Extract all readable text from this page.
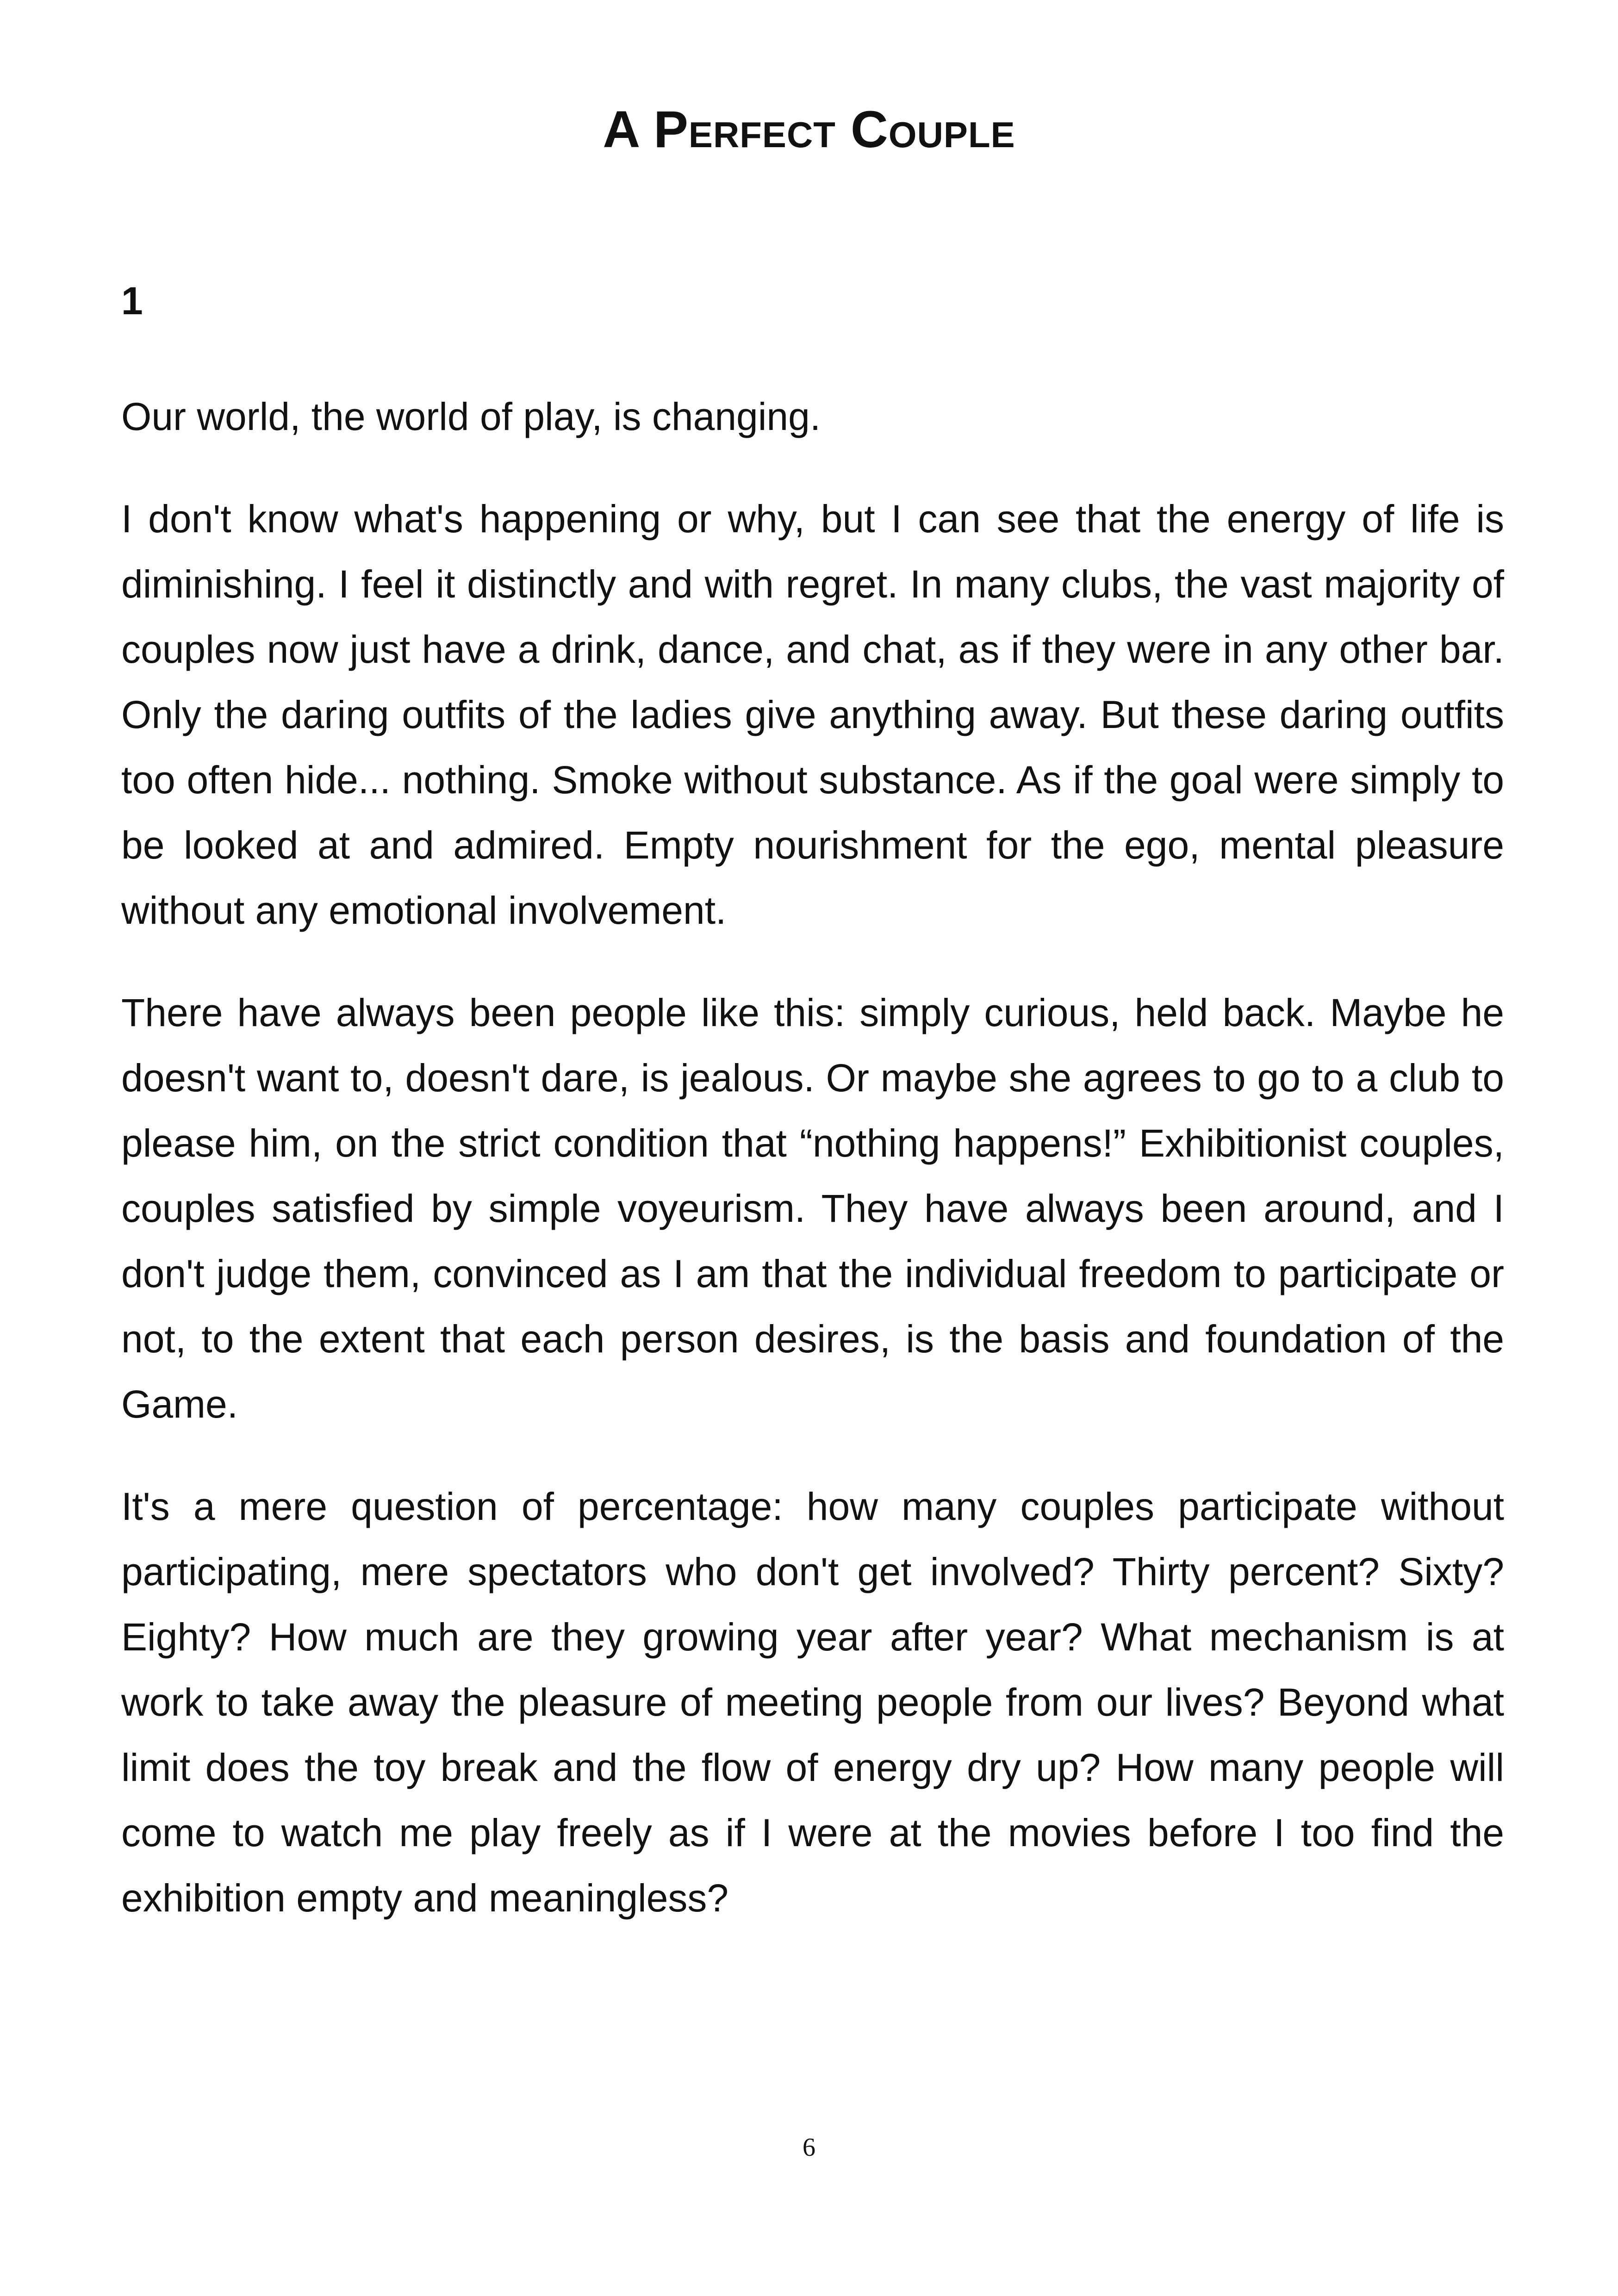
A Perfect Couple
1

Our world, the world of play, is changing.

I don't know what's happening or why, but I can see that the energy of life is diminishing. I feel it distinctly and with regret. In many clubs, the vast majority of couples now just have a drink, dance, and chat, as if they were in any other bar. Only the daring outfits of the ladies give anything away. But these daring outfits too often hide... nothing. Smoke without substance. As if the goal were simply to be looked at and admired. Empty nourishment for the ego, mental pleasure without any emotional involvement.

There have always been people like this: simply curious, held back. Maybe he doesn't want to, doesn't dare, is jealous. Or maybe she agrees to go to a club to please him, on the strict condition that “nothing happens!” Exhibitionist couples, couples satisfied by simple voyeurism. They have always been around, and I don't judge them, convinced as I am that the individual freedom to participate or not, to the extent that each person desires, is the basis and foundation of the Game.

It's a mere question of percentage: how many couples participate without participating, mere spectators who don't get involved? Thirty percent? Sixty? Eighty? How much are they growing year after year? What mechanism is at work to take away the pleasure of meeting people from our lives? Beyond what limit does the toy break and the flow of energy dry up? How many people will come to watch me play freely as if I were at the movies before I too find the exhibition empty and meaningless?

6
